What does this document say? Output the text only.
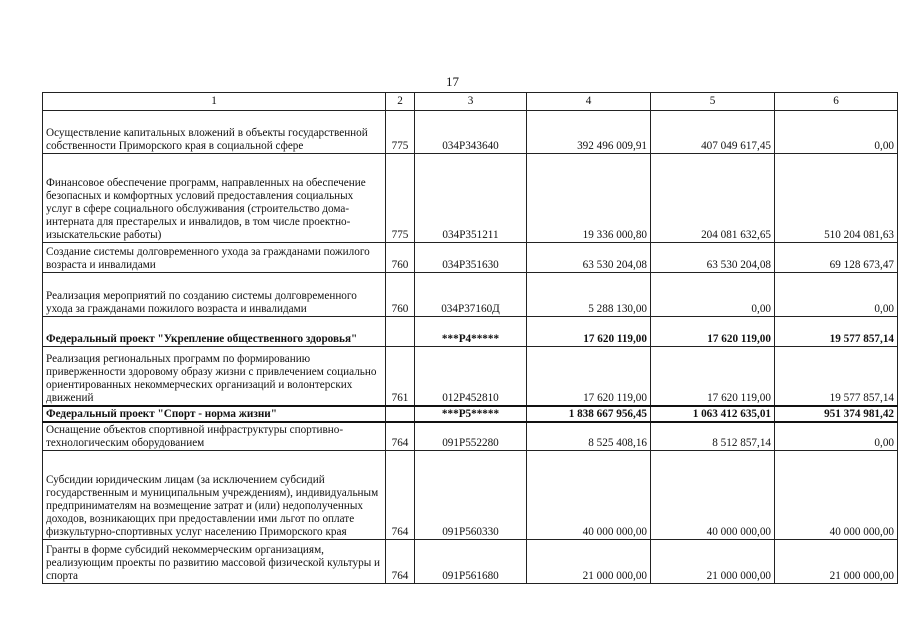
17
1	2	3	4	5	6
Осуществление капитальных вложений в объекты государственной собственности Приморского края в социальной сфере	775	034P343640	392 496 009,91	407 049 617,45	0,00
Финансовое обеспечение программ, направленных на обеспечение безопасных и комфортных условий предоставления социальных услуг в сфере социального обслуживания (строительство дома-интерната для престарелых и инвалидов, в том числе проектно-изыскательские работы)	775	034P351211	19 336 000,80	204 081 632,65	510 204 081,63
Создание системы долговременного ухода за гражданами пожилого возраста и инвалидами	760	034P351630	63 530 204,08	63 530 204,08	69 128 673,47
Реализация мероприятий по созданию системы долговременного ухода за гражданами пожилого возраста и инвалидами	760	034P37160Д	5 288 130,00	0,00	0,00
Федеральный проект "Укрепление общественного здоровья"		***P4*****	17 620 119,00	17 620 119,00	19 577 857,14
Реализация региональных программ по формированию приверженности здоровому образу жизни с привлечением социально ориентированных некоммерческих организаций и волонтерских движений	761	012P452810	17 620 119,00	17 620 119,00	19 577 857,14
Федеральный проект "Спорт - норма жизни"		***P5*****	1 838 667 956,45	1 063 412 635,01	951 374 981,42
Оснащение объектов спортивной инфраструктуры спортивно-технологическим оборудованием	764	091P552280	8 525 408,16	8 512 857,14	0,00
Субсидии юридическим лицам (за исключением субсидий государственным и муниципальным учреждениям), индивидуальным предпринимателям на возмещение затрат и (или) недополученных доходов, возникающих при предоставлении ими льгот по оплате физкультурно-спортивных услуг населению Приморского края	764	091P560330	40 000 000,00	40 000 000,00	40 000 000,00
Гранты в форме субсидий некоммерческим организациям, реализующим проекты по развитию массовой физической культуры и спорта	764	091P561680	21 000 000,00	21 000 000,00	21 000 000,00
